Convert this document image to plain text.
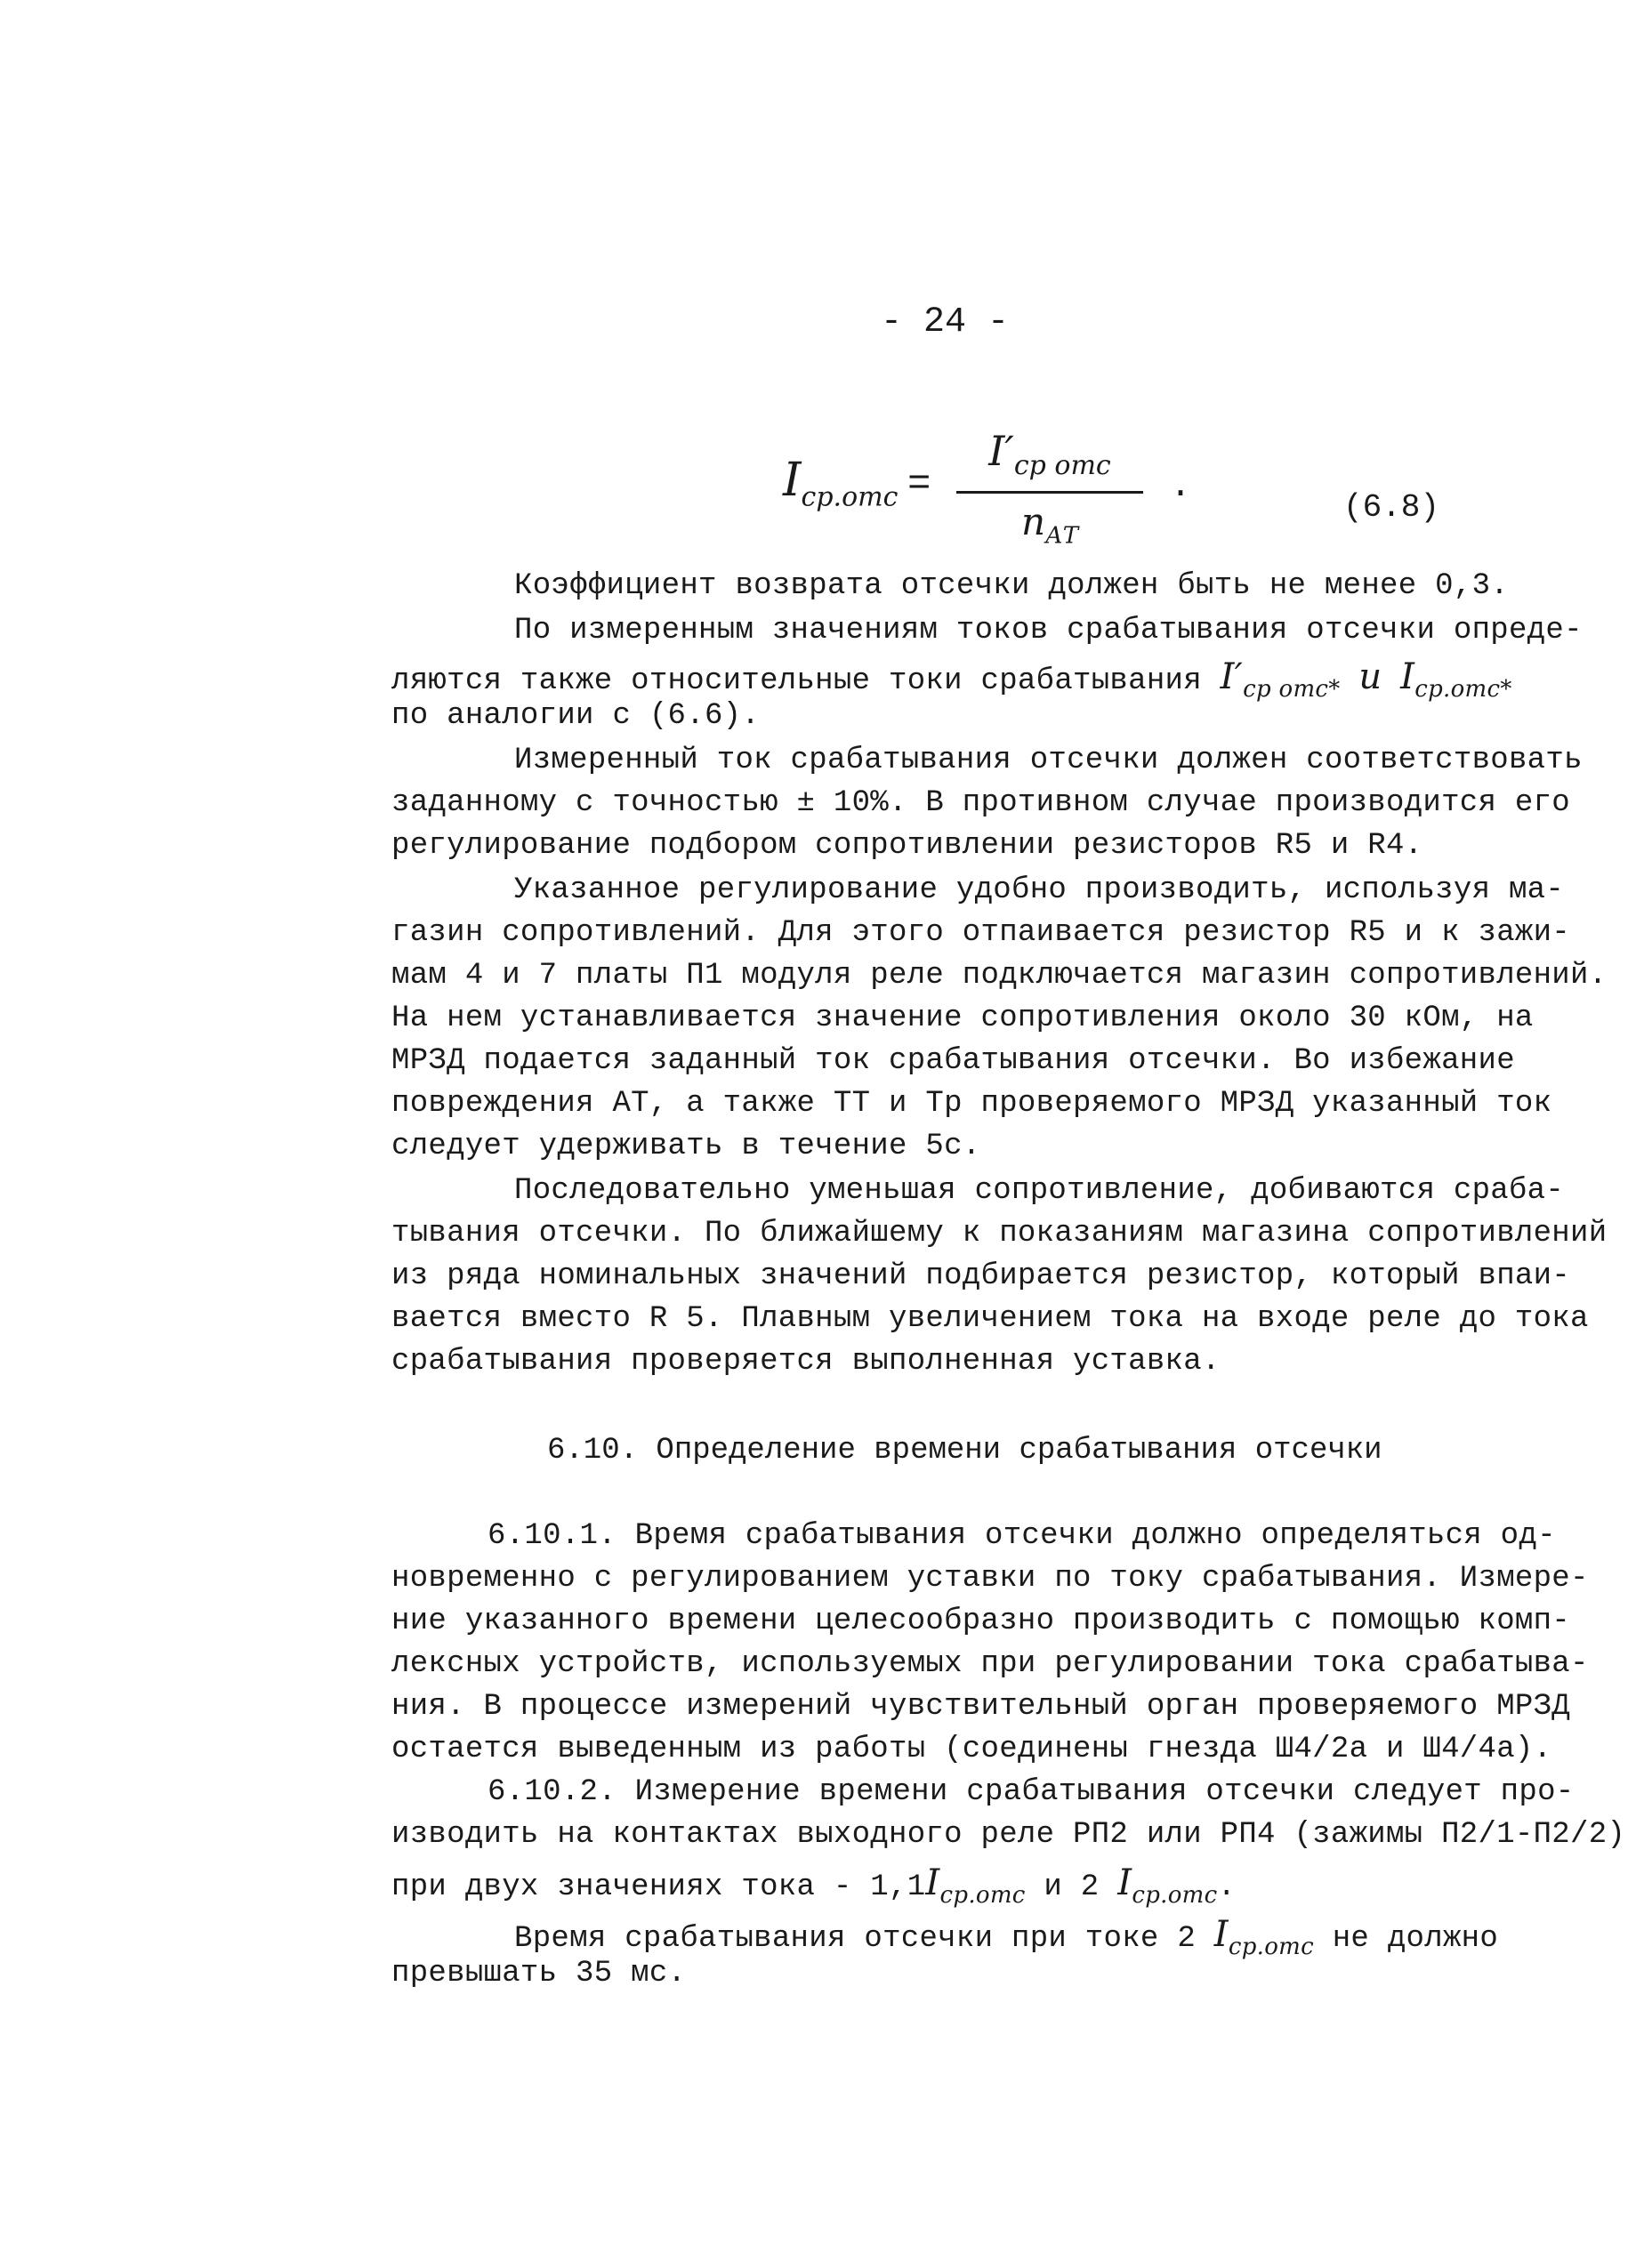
- 24 -
$I_{ср.отс}$ =
$I'_{ср отс}$
$n_{АТ}$
.
(6.8)
Коэффициент возврата отсечки должен быть не менее 0,3.
По измеренным значениям токов срабатывания отсечки опреде-
ляются также относительные токи срабатывания $I'_{ср отс*}$ и $I_{ср.отс*}$
по аналогии с (6.6).
Измеренный ток срабатывания отсечки должен соответствовать
заданному с точностью ± 10%. В противном случае производится его
регулирование подбором сопротивлении резисторов R5 и R4.
Указанное регулирование удобно производить, используя ма-
газин сопротивлений. Для этого отпаивается резистор R5 и к зажи-
мам 4 и 7 платы П1 модуля реле подключается магазин сопротивлений.
На нем устанавливается значение сопротивления около 30 кОм, на
МРЗД подается заданный ток срабатывания отсечки. Во избежание
повреждения АТ, а также ТТ и Тр проверяемого МРЗД указанный ток
следует удерживать в течение 5с.
Последовательно уменьшая сопротивление, добиваются сраба-
тывания отсечки. По ближайшему к показаниям магазина сопротивлений
из ряда номинальных значений подбирается резистор, который впаи-
вается вместо R 5. Плавным увеличением тока на входе реле до тока
срабатывания проверяется выполненная уставка.
6.10. Определение времени срабатывания отсечки
6.10.1. Время срабатывания отсечки должно определяться од-
новременно с регулированием уставки по току срабатывания. Измере-
ние указанного времени целесообразно производить с помощью комп-
лексных устройств, используемых при регулировании тока срабатыва-
ния. В процессе измерений чувствительный орган проверяемого МРЗД
остается выведенным из работы (соединены гнезда Ш4/2а и Ш4/4а).
6.10.2. Измерение времени срабатывания отсечки следует про-
изводить на контактах выходного реле РП2 или РП4 (зажимы П2/1-П2/2)
при двух значениях тока - $1,1I_{ср.отс}$ и 2 $I_{ср.отс}$.
Время срабатывания отсечки при токе 2 $I_{ср.отс}$ не должно
превышать 35 мс.
